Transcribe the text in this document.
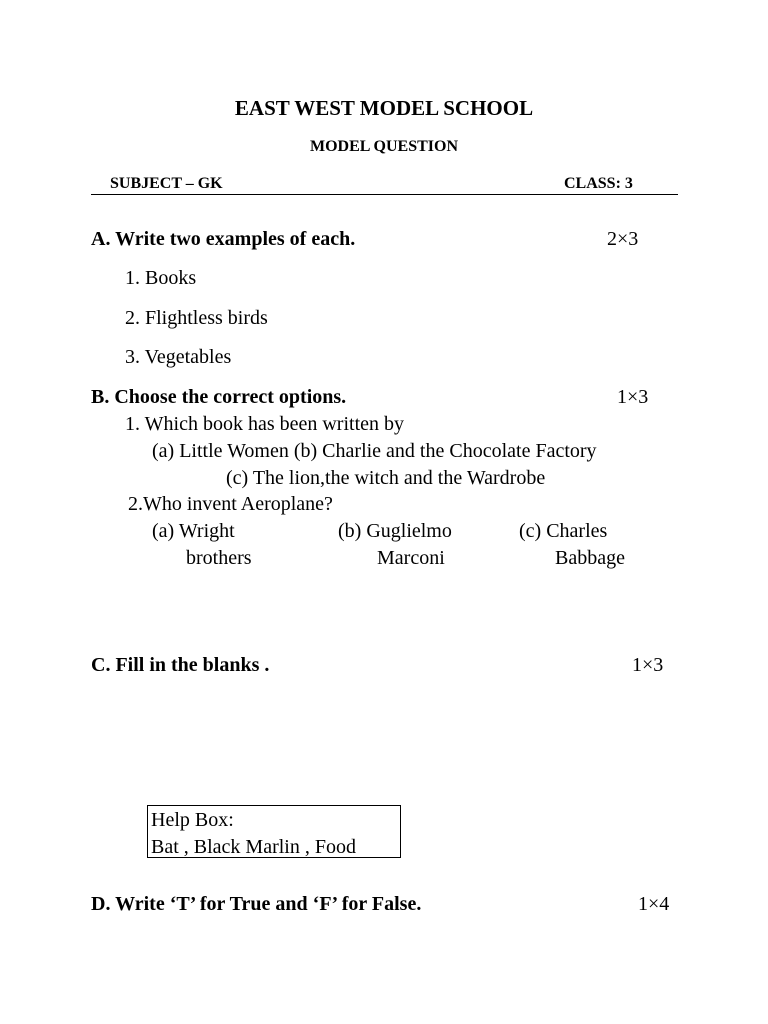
EAST WEST MODEL SCHOOL
MODEL QUESTION
SUBJECT – GK	CLASS: 3
A. Write two examples of each.	2×3
1. Books
2. Flightless birds
3. Vegetables
B. Choose the correct options.	1×3
1. Which book has been written by
(a) Little Women (b) Charlie and the Chocolate Factory
(c) The lion,the witch and the Wardrobe
2.Who invent Aeroplane?
(a) Wright
brothers
(b) Guglielmo
Marconi
(c) Charles
Babbage
C. Fill in the blanks .	1×3
Help Box:
Bat , Black Marlin , Food
D. Write ‘T’ for True and ‘F’ for False.	1×4
